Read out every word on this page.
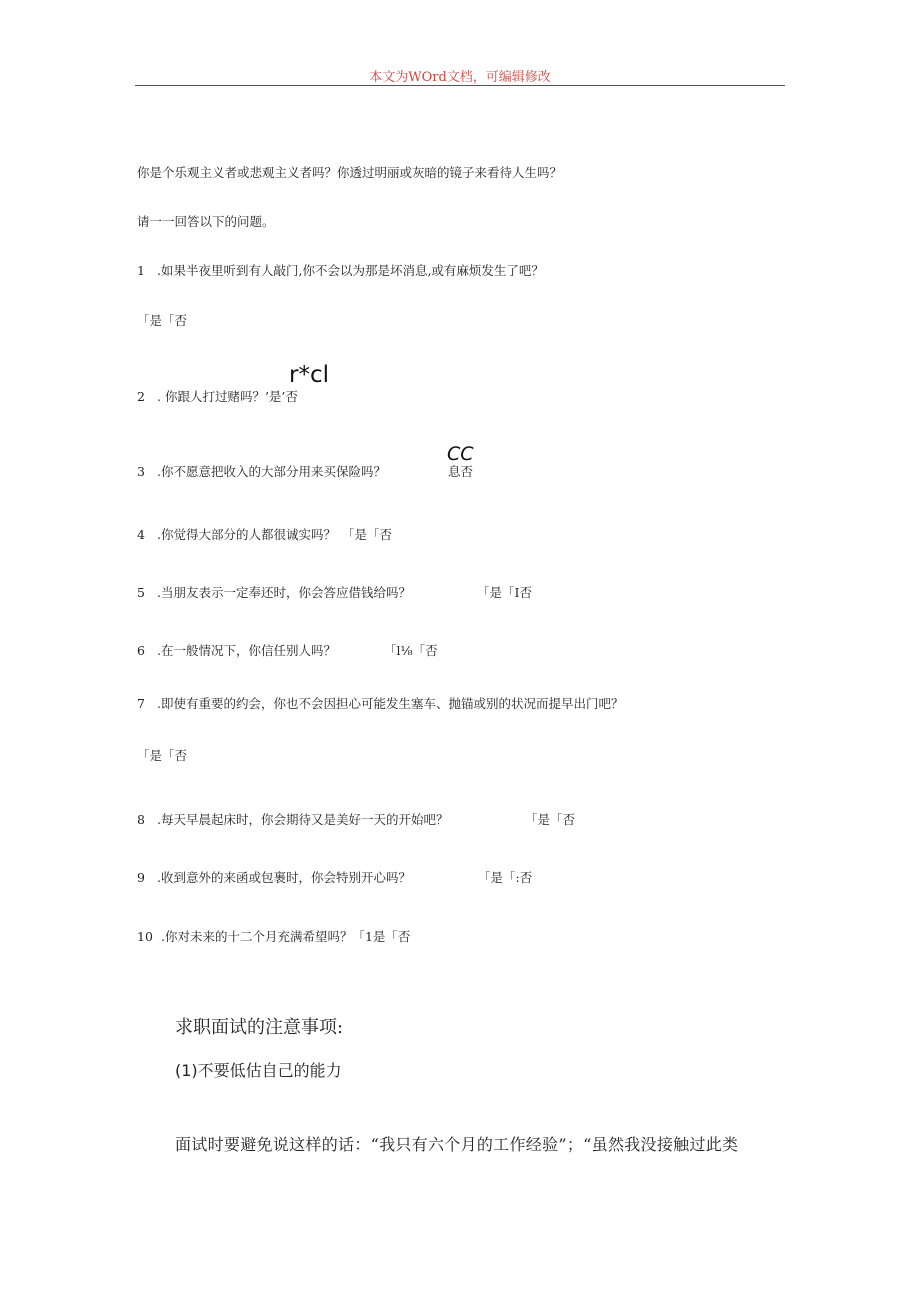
本文为WOrd文档，可编辑修改
你是个乐观主义者或悲观主义者吗？你透过明丽或灰暗的镜子来看待人生吗？
请一一回答以下的问题。
1 .如果半夜里听到有人敲门,你不会以为那是坏消息,或有麻烦发生了吧？
「是「否
r*cl
2 . 你跟人打过赌吗？’是’否
CC
3 .你不愿意把收入的大部分用来买保险吗？	息否
4 .你觉得大部分的人都很诚实吗？ 「是「否
5 .当朋友表示一定奉还时，你会答应借钱给吗？	「是「I否
6 .在一般情况下，你信任别人吗？	「l⅛「否
7 .即使有重要的约会，你也不会因担心可能发生塞车、抛锚或别的状况而提早出门吧？
「是「否
8 .每天早晨起床时，你会期待又是美好一天的开始吧？	「是「否
9 .收到意外的来函或包裹时，你会特别开心吗？	「是「:否
10 .你对未来的十二个月充满希望吗？「1是「否
求职面试的注意事项:
(1)不要低估自己的能力
面试时要避免说这样的话：“我只有六个月的工作经验”；“虽然我没接触过此类
